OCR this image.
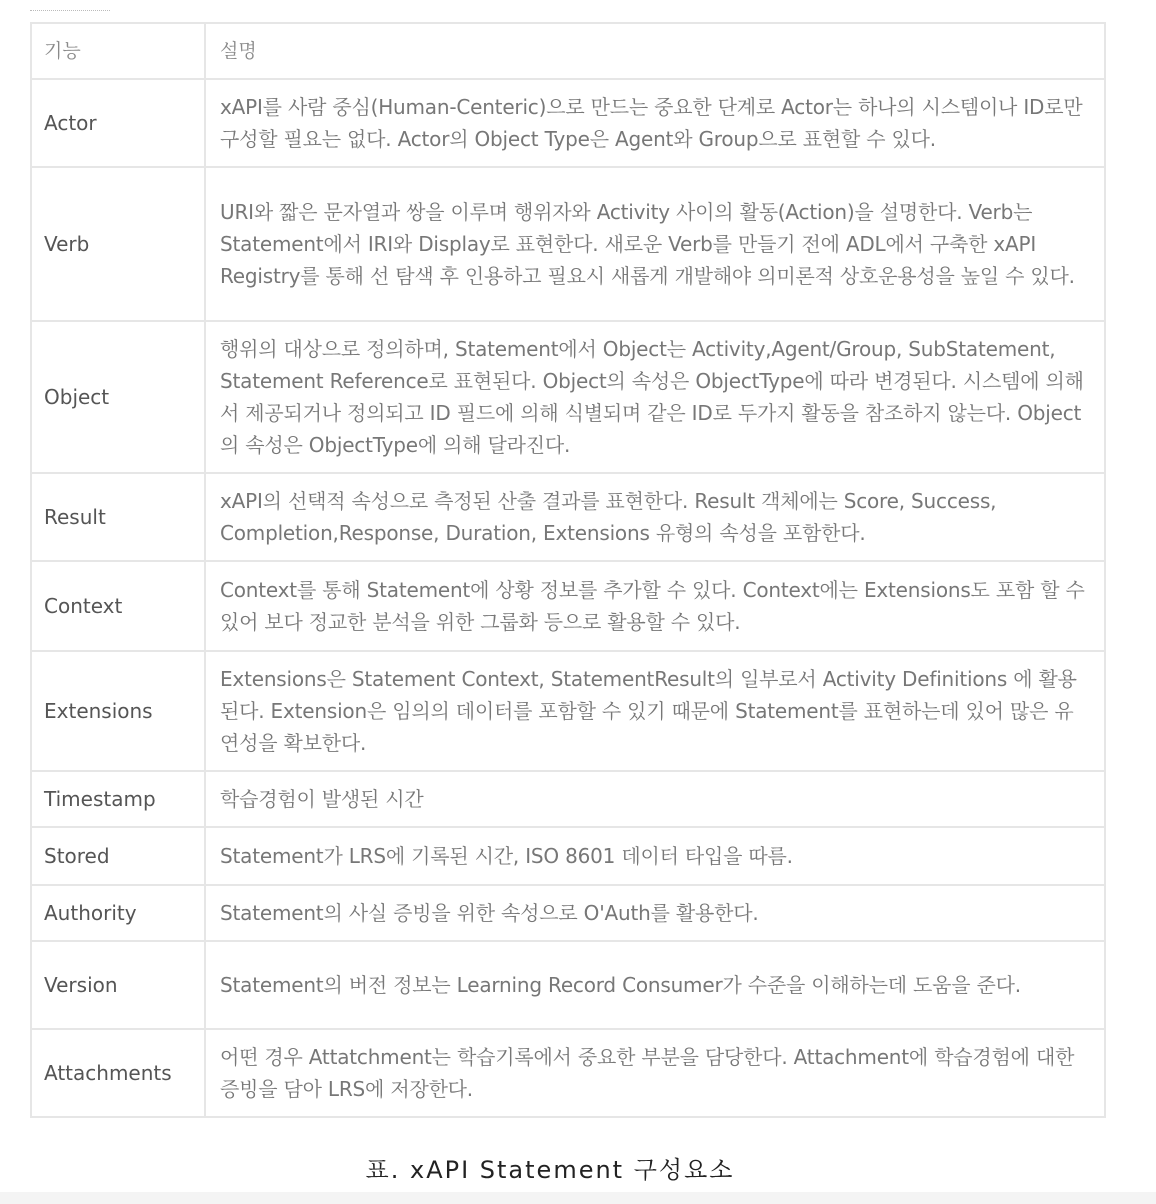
기능	설명
Actor	xAPI를 사람 중심(Human-Centeric)으로 만드는 중요한 단계로 Actor는 하나의 시스템이나 ID로만 구성할 필요는 없다. Actor의 Object Type은 Agent와 Group으로 표현할 수 있다.
Verb	URI와 짧은 문자열과 쌍을 이루며 행위자와 Activity 사이의 활동(Action)을 설명한다. Verb는 Statement에서 IRI와 Display로 표현한다. 새로운 Verb를 만들기 전에 ADL에서 구축한 xAPI Registry를 통해 선 탐색 후 인용하고 필요시 새롭게 개발해야 의미론적 상호운용성을 높일 수 있다.
Object	행위의 대상으로 정의하며, Statement에서 Object는 Activity,Agent/Group, SubStatement, Statement Reference로 표현된다. Object의 속성은 ObjectType에 따라 변경된다. 시스템에 의해서 제공되거나 정의되고 ID 필드에 의해 식별되며 같은 ID로 두가지 활동을 참조하지 않는다. Object의 속성은 ObjectType에 의해 달라진다.
Result	xAPI의 선택적 속성으로 측정된 산출 결과를 표현한다. Result 객체에는 Score, Success, Completion,Response, Duration, Extensions 유형의 속성을 포함한다.
Context	Context를 통해 Statement에 상황 정보를 추가할 수 있다. Context에는 Extensions도 포함 할 수 있어 보다 정교한 분석을 위한 그룹화 등으로 활용할 수 있다.
Extensions	Extensions은 Statement Context, StatementResult의 일부로서 Activity Definitions 에 활용된다. Extension은 임의의 데이터를 포함할 수 있기 때문에 Statement를 표현하는데 있어 많은 유연성을 확보한다.
Timestamp	학습경험이 발생된 시간
Stored	Statement가 LRS에 기록된 시간, ISO 8601 데이터 타입을 따름.
Authority	Statement의 사실 증빙을 위한 속성으로 O'Auth를 활용한다.
Version	Statement의 버전 정보는 Learning Record Consumer가 수준을 이해하는데 도움을 준다.
Attachments	어떤 경우 Attatchment는 학습기록에서 중요한 부분을 담당한다. Attachment에 학습경험에 대한 증빙을 담아 LRS에 저장한다.
표. xAPI Statement 구성요소
